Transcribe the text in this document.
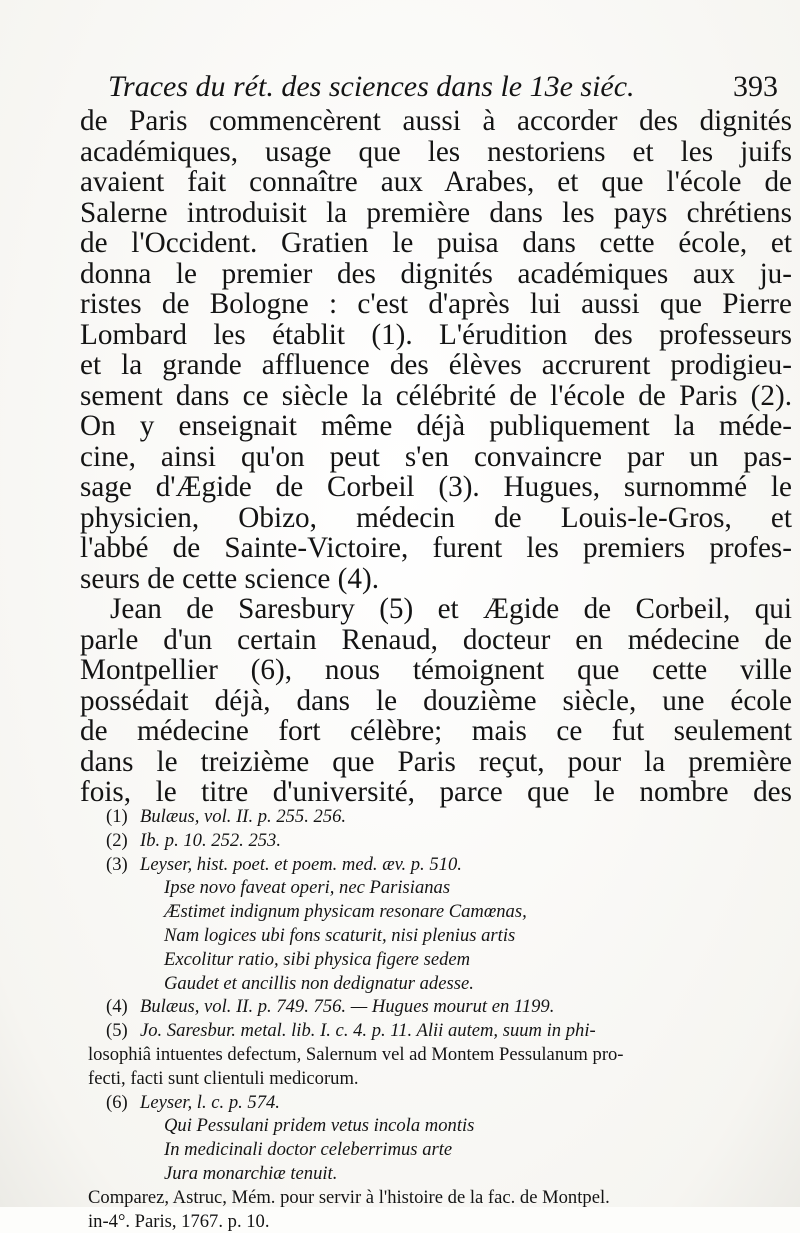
Traces du rét. des sciences dans le 13e siéc.	393
de Paris commencèrent aussi à accorder des dignités
académiques, usage que les nestoriens et les juifs
avaient fait connaître aux Arabes, et que l'école de
Salerne introduisit la première dans les pays chrétiens
de l'Occident. Gratien le puisa dans cette école, et
donna le premier des dignités académiques aux ju-
ristes de Bologne : c'est d'après lui aussi que Pierre
Lombard les établit (1). L'érudition des professeurs
et la grande affluence des élèves accrurent prodigieu-
sement dans ce siècle la célébrité de l'école de Paris (2).
On y enseignait même déjà publiquement la méde-
cine, ainsi qu'on peut s'en convaincre par un pas-
sage d'Ægide de Corbeil (3). Hugues, surnommé le
physicien, Obizo, médecin de Louis-le-Gros, et
l'abbé de Sainte-Victoire, furent les premiers profes-
seurs de cette science (4).
Jean de Saresbury (5) et Ægide de Corbeil, qui
parle d'un certain Renaud, docteur en médecine de
Montpellier (6), nous témoignent que cette ville
possédait déjà, dans le douzième siècle, une école
de médecine fort célèbre; mais ce fut seulement
dans le treizième que Paris reçut, pour la première
fois, le titre d'université, parce que le nombre des
(1) Bulæus, vol. II. p. 255. 256.
(2) Ib. p. 10. 252. 253.
(3) Leyser, hist. poet. et poem. med. æv. p. 510.
Ipse novo faveat operi, nec Parisianas
Æstimet indignum physicam resonare Camœnas,
Nam logices ubi fons scaturit, nisi plenius artis
Excolitur ratio, sibi physica figere sedem
Gaudet et ancillis non dedignatur adesse.
(4) Bulæus, vol. II. p. 749. 756. — Hugues mourut en 1199.
(5) Jo. Saresbur. metal. lib. I. c. 4. p. 11. Alii autem, suum in phi-
losophiâ intuentes defectum, Salernum vel ad Montem Pessulanum pro-
fecti, facti sunt clientuli medicorum.
(6) Leyser, l. c. p. 574.
Qui Pessulani pridem vetus incola montis
In medicinali doctor celeberrimus arte
Jura monarchiæ tenuit.
Comparez, Astruc, Mém. pour servir à l'histoire de la fac. de Montpel.
in-4°. Paris, 1767. p. 10.
